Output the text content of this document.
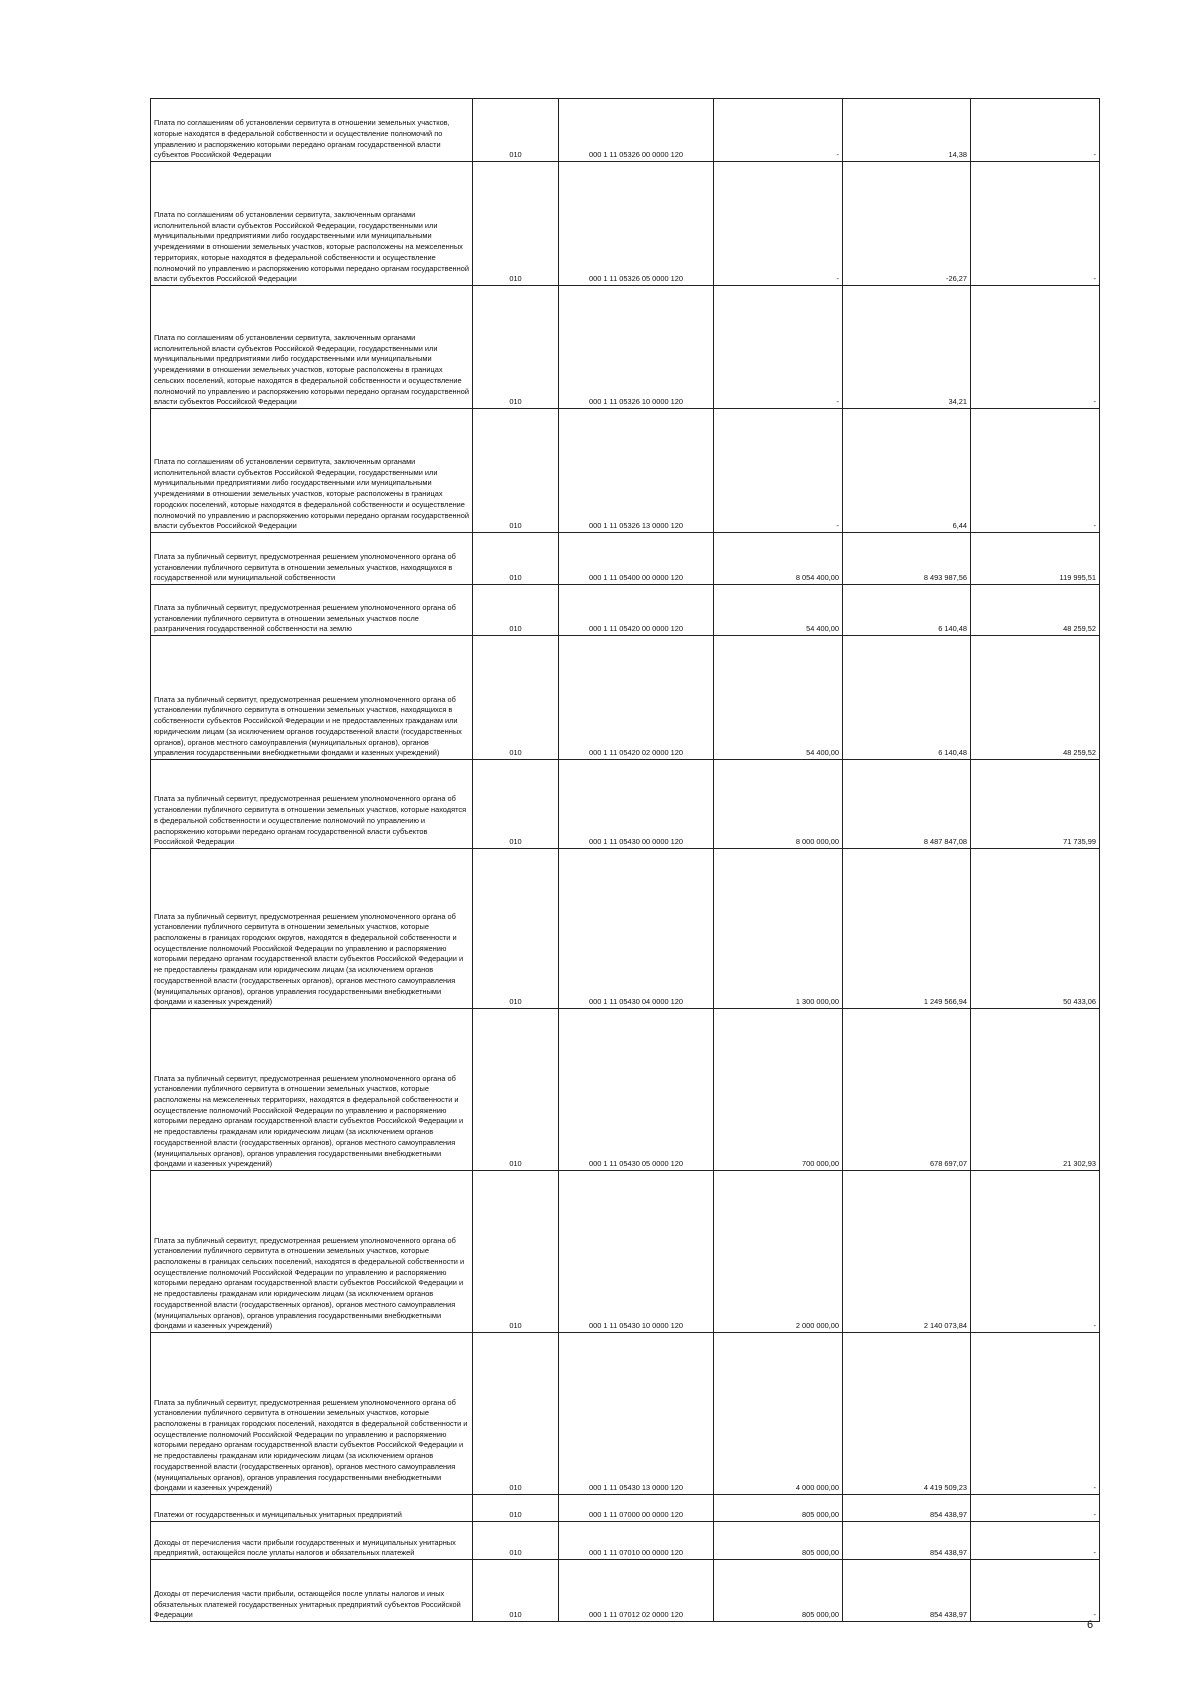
Плата по соглашениям об установлении сервитута в отношении земельных участков, которые находятся в федеральной собственности и осуществление полномочий по управлению и распоряжению которыми передано органам государственной власти субъектов Российской Федерации	010	000 1 11 05326 00 0000 120	-	14,38	-
Плата по соглашениям об установлении сервитута, заключенным органами исполнительной власти субъектов Российской Федерации, государственными или муниципальными предприятиями либо государственными или муниципальными учреждениями в отношении земельных участков, которые расположены на межселенных территориях, которые находятся в федеральной собственности и осуществление полномочий по управлению и распоряжению которыми передано органам государственной власти субъектов Российской Федерации	010	000 1 11 05326 05 0000 120	-	-26,27	-
Плата по соглашениям об установлении сервитута, заключенным органами исполнительной власти субъектов Российской Федерации, государственными или муниципальными предприятиями либо государственными или муниципальными учреждениями в отношении земельных участков, которые расположены в границах сельских поселений, которые находятся в федеральной собственности и осуществление полномочий по управлению и распоряжению которыми передано органам государственной власти субъектов Российской Федерации	010	000 1 11 05326 10 0000 120	-	34,21	-
Плата по соглашениям об установлении сервитута, заключенным органами исполнительной власти субъектов Российской Федерации, государственными или муниципальными предприятиями либо государственными или муниципальными учреждениями в отношении земельных участков, которые расположены в границах городских поселений, которые находятся в федеральной собственности и осуществление полномочий по управлению и распоряжению которыми передано органам государственной власти субъектов Российской Федерации	010	000 1 11 05326 13 0000 120	-	6,44	-
Плата за публичный сервитут, предусмотренная решением уполномоченного органа об установлении публичного сервитута в отношении земельных участков, находящихся в государственной или муниципальной собственности	010	000 1 11 05400 00 0000 120	8 054 400,00	8 493 987,56	119 995,51
Плата за публичный сервитут, предусмотренная решением уполномоченного органа об установлении публичного сервитута в отношении земельных участков после разграничения государственной собственности на землю	010	000 1 11 05420 00 0000 120	54 400,00	6 140,48	48 259,52
Плата за публичный сервитут, предусмотренная решением уполномоченного органа об установлении публичного сервитута в отношении земельных участков, находящихся в собственности субъектов Российской Федерации и не предоставленных гражданам или юридическим лицам (за исключением органов государственной власти (государственных органов), органов местного самоуправления (муниципальных органов), органов управления государственными внебюджетными фондами и казенных учреждений)	010	000 1 11 05420 02 0000 120	54 400,00	6 140,48	48 259,52
Плата за публичный сервитут, предусмотренная решением уполномоченного органа об установлении публичного сервитута в отношении земельных участков, которые находятся в федеральной собственности и осуществление полномочий по управлению и распоряжению которыми передано органам государственной власти субъектов Российской Федерации	010	000 1 11 05430 00 0000 120	8 000 000,00	8 487 847,08	71 735,99
Плата за публичный сервитут, предусмотренная решением уполномоченного органа об установлении публичного сервитута в отношении земельных участков, которые расположены в границах городских округов, находятся в федеральной собственности и осуществление полномочий Российской Федерации по управлению и распоряжению которыми передано органам государственной власти субъектов Российской Федерации и не предоставлены гражданам или юридическим лицам (за исключением органов государственной власти (государственных органов), органов местного самоуправления (муниципальных органов), органов управления государственными внебюджетными фондами и казенных учреждений)	010	000 1 11 05430 04 0000 120	1 300 000,00	1 249 566,94	50 433,06
Плата за публичный сервитут, предусмотренная решением уполномоченного органа об установлении публичного сервитута в отношении земельных участков, которые расположены на межселенных территориях, находятся в федеральной собственности и осуществление полномочий Российской Федерации по управлению и распоряжению которыми передано органам государственной власти субъектов Российской Федерации и не предоставлены гражданам или юридическим лицам (за исключением органов государственной власти (государственных органов), органов местного самоуправления (муниципальных органов), органов управления государственными внебюджетными фондами и казенных учреждений)	010	000 1 11 05430 05 0000 120	700 000,00	678 697,07	21 302,93
Плата за публичный сервитут, предусмотренная решением уполномоченного органа об установлении публичного сервитута в отношении земельных участков, которые расположены в границах сельских поселений, находятся в федеральной собственности и осуществление полномочий Российской Федерации по управлению и распоряжению которыми передано органам государственной власти субъектов Российской Федерации и не предоставлены гражданам или юридическим лицам (за исключением органов государственной власти (государственных органов), органов местного самоуправления (муниципальных органов), органов управления государственными внебюджетными фондами и казенных учреждений)	010	000 1 11 05430 10 0000 120	2 000 000,00	2 140 073,84	-
Плата за публичный сервитут, предусмотренная решением уполномоченного органа об установлении публичного сервитута в отношении земельных участков, которые расположены в границах городских поселений, находятся в федеральной собственности и осуществление полномочий Российской Федерации по управлению и распоряжению которыми передано органам государственной власти субъектов Российской Федерации и не предоставлены гражданам или юридическим лицам (за исключением органов государственной власти (государственных органов), органов местного самоуправления (муниципальных органов), органов управления государственными внебюджетными фондами и казенных учреждений)	010	000 1 11 05430 13 0000 120	4 000 000,00	4 419 509,23	-
Платежи от государственных и муниципальных унитарных предприятий	010	000 1 11 07000 00 0000 120	805 000,00	854 438,97	-
Доходы от перечисления части прибыли государственных и муниципальных унитарных предприятий, остающейся после уплаты налогов и обязательных платежей	010	000 1 11 07010 00 0000 120	805 000,00	854 438,97	-
Доходы от перечисления части прибыли, остающейся после уплаты налогов и иных обязательных платежей государственных унитарных предприятий субъектов Российской Федерации	010	000 1 11 07012 02 0000 120	805 000,00	854 438,97	-
6
